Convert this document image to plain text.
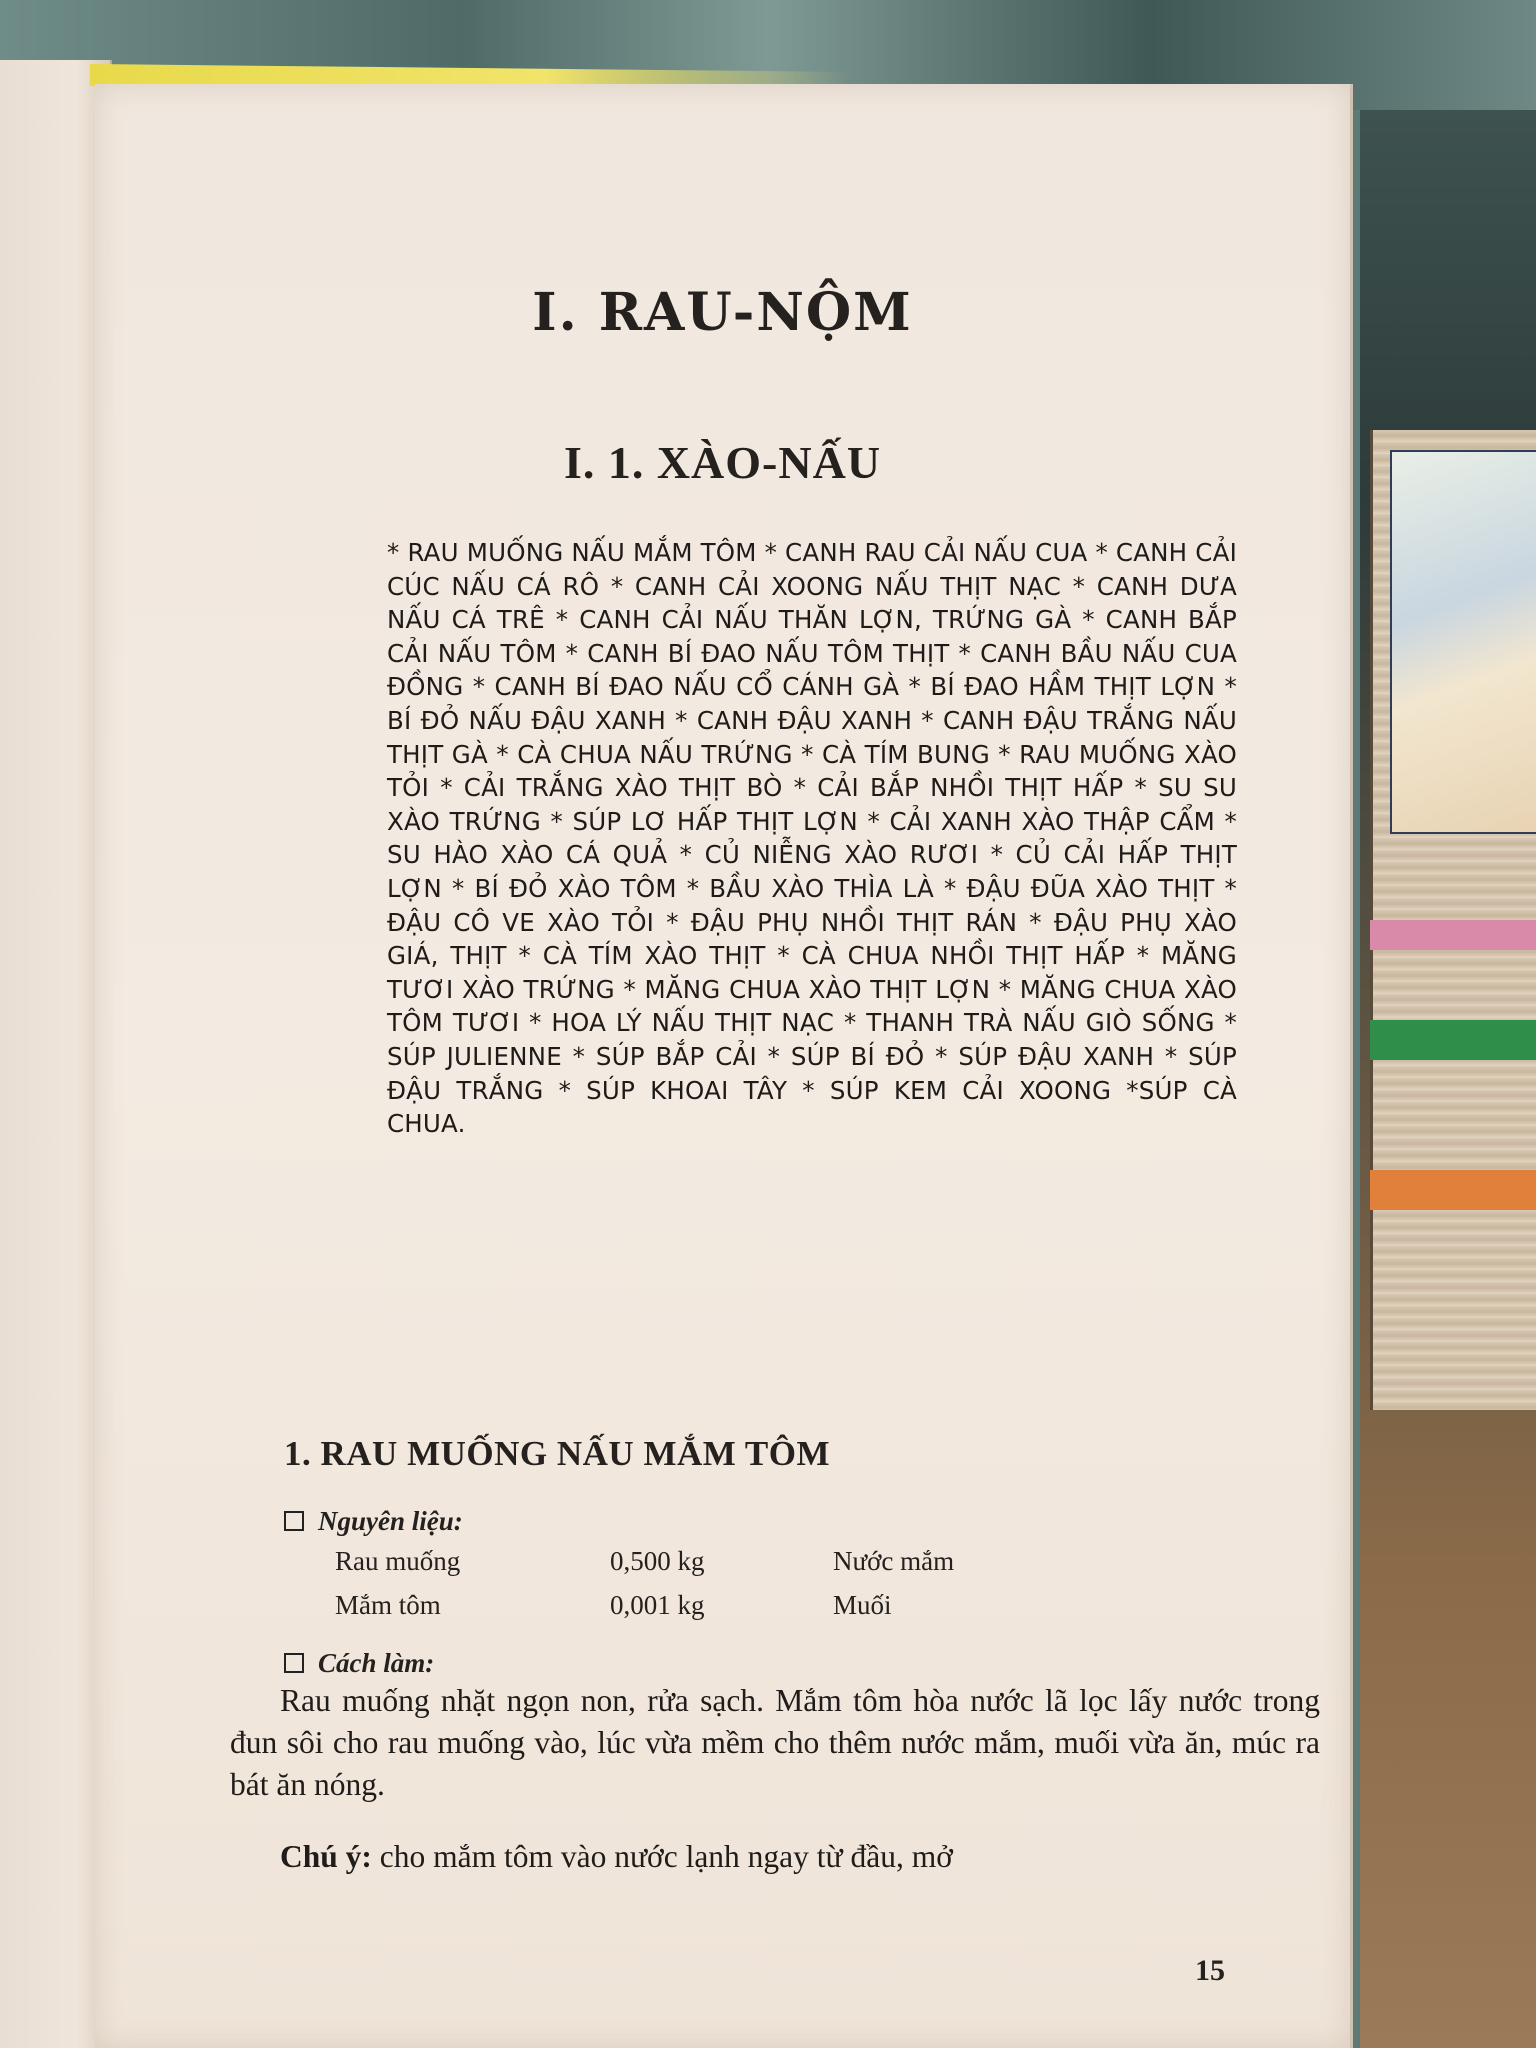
I. RAU-NỘM
I. 1. XÀO-NẤU

* RAU MUỐNG NẤU MẮM TÔM * CANH RAU CẢI NẤU CUA * CANH CẢI CÚC NẤU CÁ RÔ * CANH CẢI XOONG NẤU THỊT NẠC * CANH DƯA NẤU CÁ TRÊ * CANH CẢI NẤU THĂN LỢN, TRỨNG GÀ * CANH BẮP CẢI NẤU TÔM * CANH BÍ ĐAO NẤU TÔM THỊT * CANH BẦU NẤU CUA ĐỒNG * CANH BÍ ĐAO NẤU CỔ CÁNH GÀ * BÍ ĐAO HẦM THỊT LỢN * BÍ ĐỎ NẤU ĐẬU XANH * CANH ĐẬU XANH * CANH ĐẬU TRẮNG NẤU THỊT GÀ * CÀ CHUA NẤU TRỨNG * CÀ TÍM BUNG * RAU MUỐNG XÀO TỎI * CẢI TRẮNG XÀO THỊT BÒ * CẢI BẮP NHỒI THỊT HẤP * SU SU XÀO TRỨNG * SÚP LƠ HẤP THỊT LỢN * CẢI XANH XÀO THẬP CẨM * SU HÀO XÀO CÁ QUẢ * CỦ NIỄNG XÀO RƯƠI * CỦ CẢI HẤP THỊT LỢN * BÍ ĐỎ XÀO TÔM * BẦU XÀO THÌA LÀ * ĐẬU ĐŨA XÀO THỊT * ĐẬU CÔ VE XÀO TỎI * ĐẬU PHỤ NHỒI THỊT RÁN * ĐẬU PHỤ XÀO GIÁ, THỊT * CÀ TÍM XÀO THỊT * CÀ CHUA NHỒI THỊT HẤP * MĂNG TƯƠI XÀO TRỨNG * MĂNG CHUA XÀO THỊT LỢN * MĂNG CHUA XÀO TÔM TƯƠI * HOA LÝ NẤU THỊT NẠC * THANH TRÀ NẤU GIÒ SỐNG * SÚP JULIENNE * SÚP BẮP CẢI * SÚP BÍ ĐỎ * SÚP ĐẬU XANH * SÚP ĐẬU TRẮNG * SÚP KHOAI TÂY * SÚP KEM CẢI XOONG *SÚP CÀ CHUA.

1. RAU MUỐNG NẤU MẮM TÔM
Nguyên liệu:
Rau muống	0,500 kg	Nước mắm
Mắm tôm	0,001 kg	Muối
Cách làm:

Rau muống nhặt ngọn non, rửa sạch. Mắm tôm hòa nước lã lọc lấy nước trong đun sôi cho rau muống vào, lúc vừa mềm cho thêm nước mắm, muối vừa ăn, múc ra bát ăn nóng.

Chú ý: cho mắm tôm vào nước lạnh ngay từ đầu, mở

15
